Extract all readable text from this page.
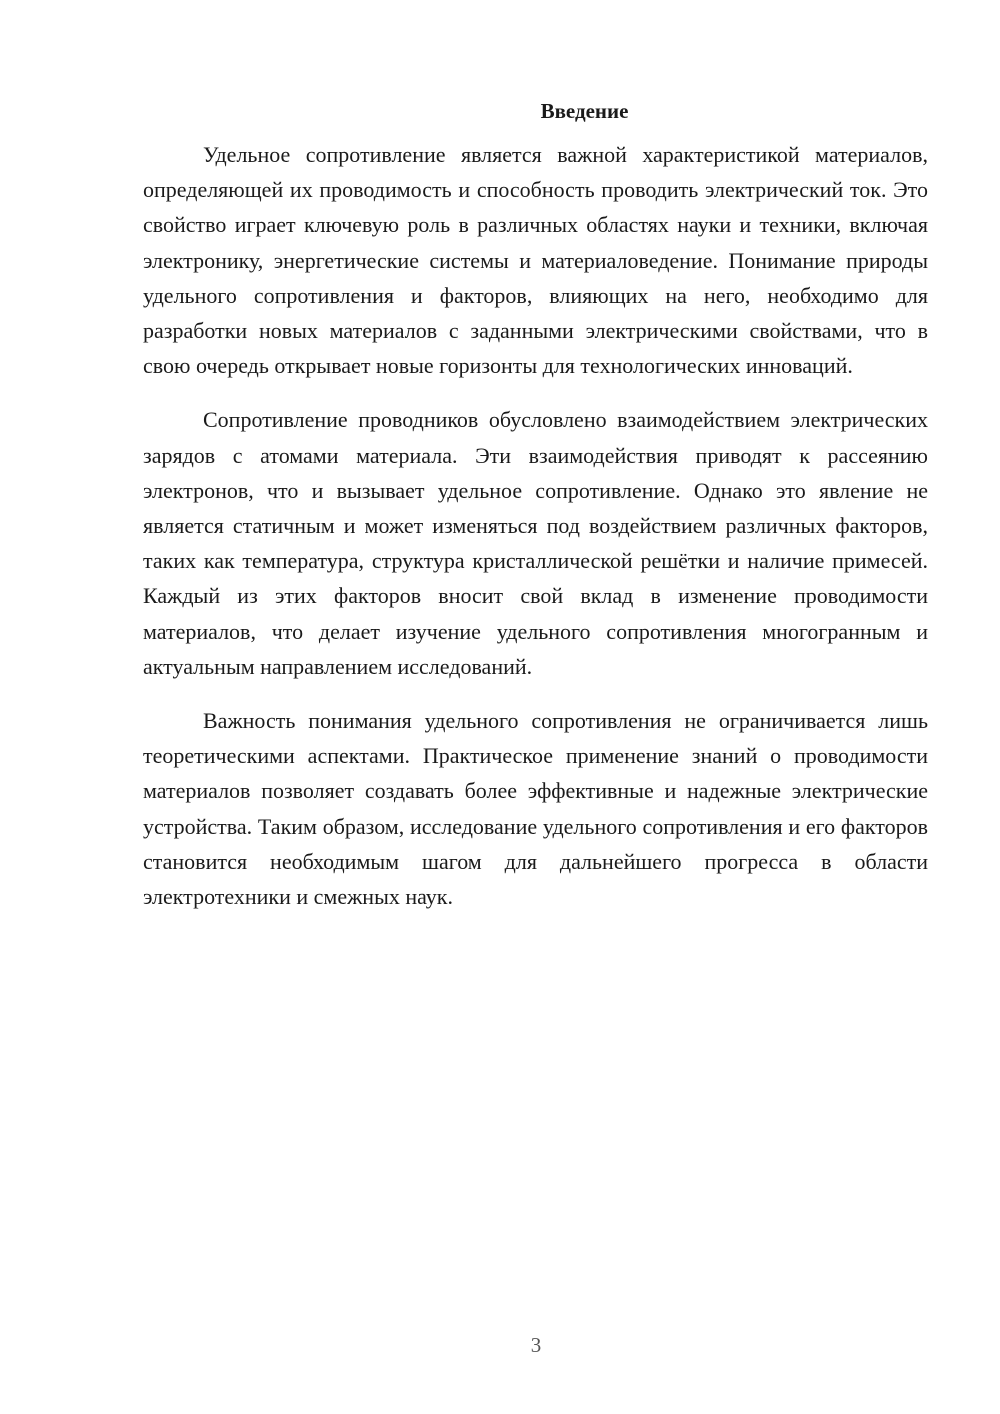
Введение

Удельное сопротивление является важной характеристикой материалов, определяющей их проводимость и способность проводить электрический ток. Это свойство играет ключевую роль в различных областях науки и техники, включая электронику, энергетические системы и материаловедение. Понимание природы удельного сопротивления и факторов, влияющих на него, необходимо для разработки новых материалов с заданными электрическими свойствами, что в свою очередь открывает новые горизонты для технологических инноваций.

Сопротивление проводников обусловлено взаимодействием электрических зарядов с атомами материала. Эти взаимодействия приводят к рассеянию электронов, что и вызывает удельное сопротивление. Однако это явление не является статичным и может изменяться под воздействием различных факторов, таких как температура, структура кристаллической решётки и наличие примесей. Каждый из этих факторов вносит свой вклад в изменение проводимости материалов, что делает изучение удельного сопротивления многогранным и актуальным направлением исследований.

Важность понимания удельного сопротивления не ограничивается лишь теоретическими аспектами. Практическое применение знаний о проводимости материалов позволяет создавать более эффективные и надежные электрические устройства. Таким образом, исследование удельного сопротивления и его факторов становится необходимым шагом для дальнейшего прогресса в области электротехники и смежных наук.

3
